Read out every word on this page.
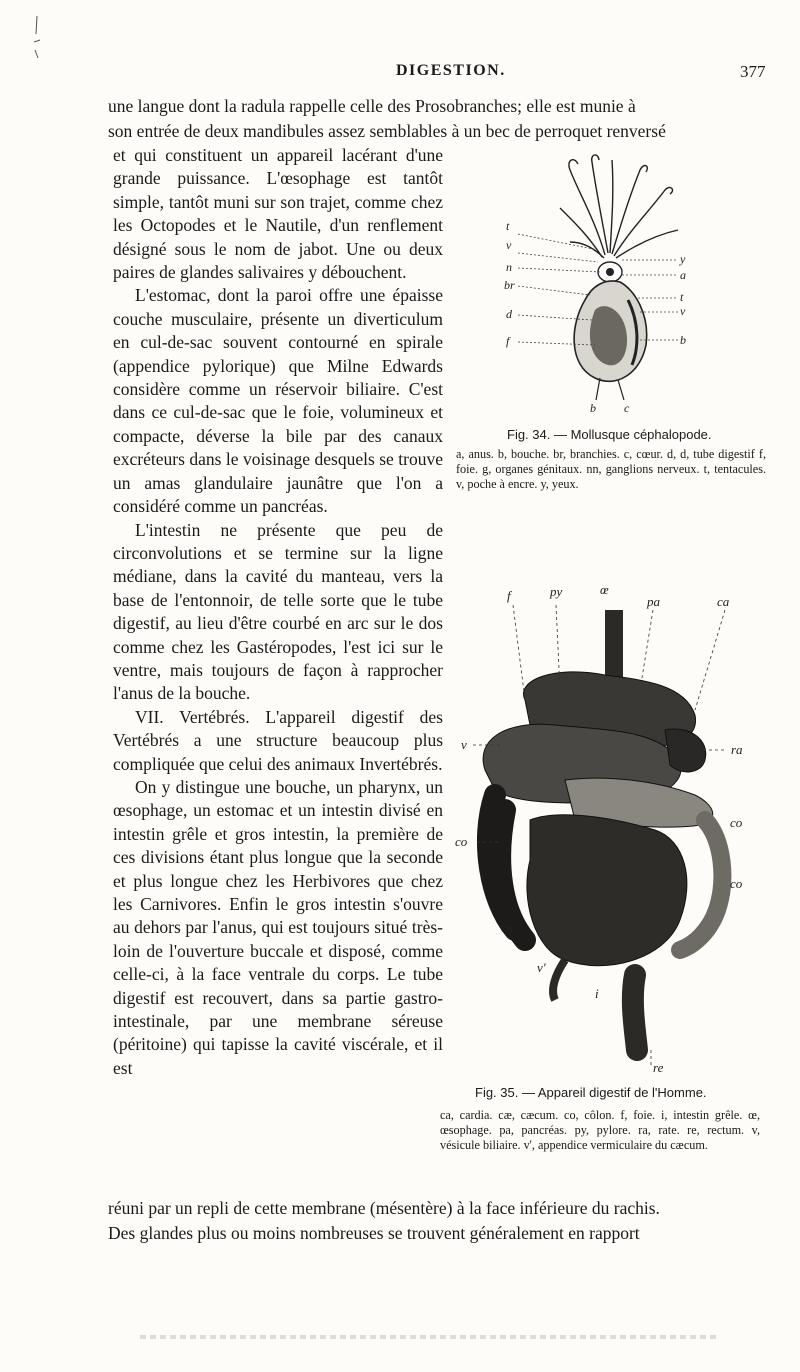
DIGESTION.	377
une langue dont la radula rappelle celle des Prosobranches; elle est munie à
son entrée de deux mandibules assez semblables à un bec de perroquet renversé

et qui constituent un appareil lacérant d'une grande puissance. L'œsophage est tantôt simple, tantôt muni sur son trajet, comme chez les Octopodes et le Nautile, d'un renflement désigné sous le nom de jabot. Une ou deux paires de glandes salivaires y débouchent.

L'estomac, dont la paroi offre une épaisse couche musculaire, présente un diverticulum en cul-de-sac souvent contourné en spirale (appendice pylorique) que Milne Edwards considère comme un réservoir biliaire. C'est dans ce cul-de-sac que le foie, volumineux et compacte, déverse la bile par des canaux excréteurs dans le voisinage desquels se trouve un amas glandulaire jaunâtre que l'on a considéré comme un pancréas.

L'intestin ne présente que peu de circonvolutions et se termine sur la ligne médiane, dans la cavité du manteau, vers la base de l'entonnoir, de telle sorte que le tube digestif, au lieu d'être courbé en arc sur le dos comme chez les Gastéropodes, l'est ici sur le ventre, mais toujours de façon à rapprocher l'anus de la bouche.

VII. Vertébrés. L'appareil digestif des Vertébrés a une structure beaucoup plus compliquée que celui des animaux Invertébrés.

On y distingue une bouche, un pharynx, un œsophage, un estomac et un intestin divisé en intestin grêle et gros intestin, la première de ces divisions étant plus longue que la seconde et plus longue chez les Herbivores que chez les Carnivores. Enfin le gros intestin s'ouvre au dehors par l'anus, qui est toujours situé très-loin de l'ouverture buccale et disposé, comme celle-ci, à la face ventrale du corps. Le tube digestif est recouvert, dans sa partie gastro-intestinale, par une membrane séreuse (péritoine) qui tapisse la cavité viscérale, et il est

réuni par un repli de cette membrane (mésentère) à la face inférieure du rachis.
Des glandes plus ou moins nombreuses se trouvent généralement en rapport
t
v
n
br
d
f
y
a
t
v
b
b c
Fig. 34. — Mollusque céphalopode.
a, anus. b, bouche. br, branchies. c, cœur. d, d, tube digestif f, foie. g, organes génitaux. nn, ganglions nerveux. t, tentacules. v, poche à encre. y, yeux.
f	py	œ
pa	ca
v	ra
co
co
co
cæ
v'
i
re
Fig. 35. — Appareil digestif de l'Homme.
ca, cardia. cæ, cæcum. co, côlon. f, foie. i, intestin grêle. œ, œsophage. pa, pancréas. py, pylore. ra, rate. re, rectum. v, vésicule biliaire. v', appendice vermiculaire du cæcum.
